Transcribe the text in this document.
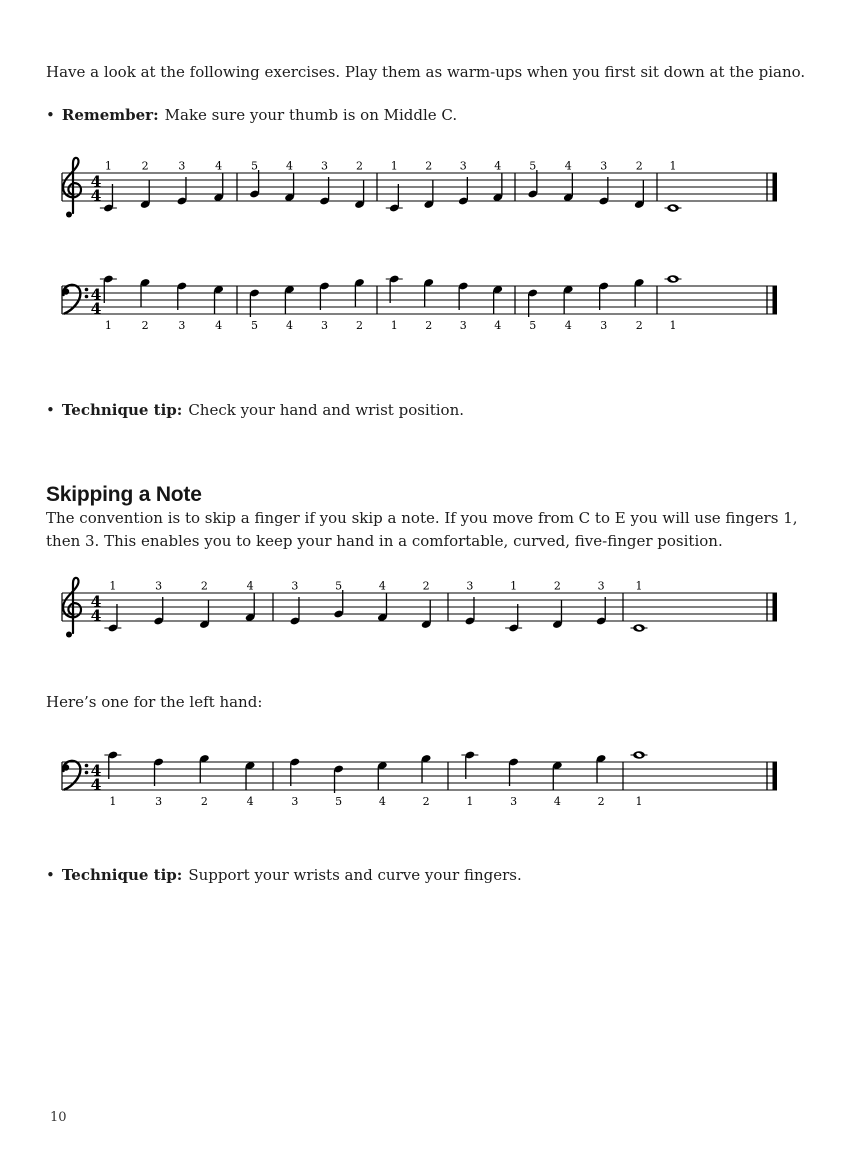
Have a look at the following exercises. Play them as warm-ups when you first sit down at the piano.

• Remember: Make sure your thumb is on Middle C.

4
4
1	2	3	4	5	4	3	2	1	2	3	4	5	4	3	2 1
4
4
1	2	3	4	5	4	3	2	1	2	3	4	5	4	3	2 1

• Technique tip: Check your hand and wrist position.

Skipping a Note

The convention is to skip a finger if you skip a note. If you move from C to E you will use fingers 1, then 3. This enables you to keep your hand in a comfortable, curved, five-finger position.

4
4
1	3	2	4	3	5	4	2	3	1	2	3	1

Here’s one for the left hand:

4
4
1	3	2	4	3	5	4	2	1	3	4	2	1

• Technique tip: Support your wrists and curve your fingers.

10
